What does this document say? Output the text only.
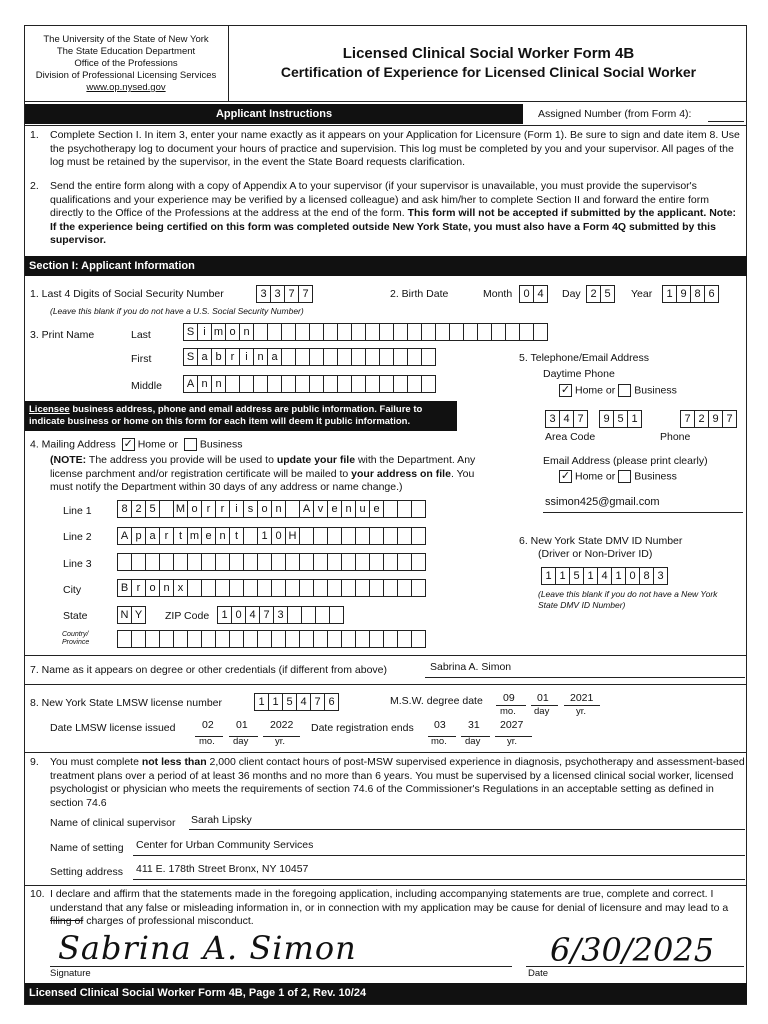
The University of the State of New York
The State Education Department
Office of the Professions
Division of Professional Licensing Services
www.op.nysed.gov
Licensed Clinical Social Worker Form 4B
Certification of Experience for Licensed Clinical Social Worker
Applicant Instructions	Assigned Number (from Form 4):
1. Complete Section I. In item 3, enter your name exactly as it appears on your Application for Licensure (Form 1). Be sure to sign and date item 8. Use the psychotherapy log to document your hours of practice and supervision. This log must be completed by you and your supervisor. All pages of the log must be retained by the supervisor, in the event the State Board requests clarification.
2. Send the entire form along with a copy of Appendix A to your supervisor (if your supervisor is unavailable, you must provide the supervisor's qualifications and your experience may be verified by a licensed colleague) and ask him/her to complete Section II and forward the entire form directly to the Office of the Professions at the address at the end of the form. This form will not be accepted if submitted by the applicant. Note: If the experience being certified on this form was completed outside New York State, you must also have a Form 4Q submitted by this supervisor.
Section I: Applicant Information
1. Last 4 Digits of Social Security Number	3 3 7 7
(Leave this blank if you do not have a U.S. Social Security Number)
2. Birth Date	Month	0 4	Day 2 5	Year	1 9 8 6
3. Print Name	Last	S i m o n
First	S a b r i n a
Middle	A n n
Licensee business address, phone and email address are public information. Failure to indicate business or home on this form for each item will deem it public information.
5. Telephone/Email Address
Daytime Phone
✓ Home or Business
3 4 7	9 5 1	7 2 9 7
Area Code	Phone
4. Mailing Address ✓ Home or Business
(NOTE: The address you provide will be used to update your file with the Department. Any license parchment and/or registration certificate will be mailed to your address on file. You must notify the Department within 30 days of any address or name change.)
Email Address (please print clearly)
✓ Home or Business
ssimon425@gmail.com
Line 1	8 2 5	M o r r i s o n	A v e n u e
Line 2	A p a r t m e n t	1 0 H
Line 3
City	B r o n x
State	N Y	ZIP Code	1 0 4 7 3
Country/ Province
6. New York State DMV ID Number
(Driver or Non-Driver ID)
1 1 5 1 4 1 0 8 3
(Leave this blank if you do not have a New York State DMV ID Number)
7. Name as it appears on degree or other credentials (if different from above)	Sabrina A. Simon
8. New York State LMSW license number	1 1 5 4 7 6	M.S.W. degree date 09 01 2021
mo. day	yr.
Date LMSW license issued	02 01 2022
mo. day	yr.
Date registration ends 03 31 2027
mo. day	yr.
9. You must complete not less than 2,000 client contact hours of post-MSW supervised experience in diagnosis, psychotherapy and assessment-based treatment plans over a period of at least 36 months and no more than 6 years. You must be supervised by a licensed clinical social worker, licensed psychologist or physician who meets the requirements of section 74.6 of the Commissioner's Regulations in an acceptable setting as defined in section 74.6
Name of clinical supervisor Sarah Lipsky
Name of setting Center for Urban Community Services
Setting address 411 E. 178th Street Bronx, NY 10457
10. I declare and affirm that the statements made in the foregoing application, including accompanying statements are true, complete and correct. I understand that any false or misleading information in, or in connection with my application may be cause for denial of licensure and may lead to a filing of charges of professional misconduct.
Sabrina A. Simon
Signature
6/30/2025
Date
Licensed Clinical Social Worker Form 4B, Page 1 of 2, Rev. 10/24
